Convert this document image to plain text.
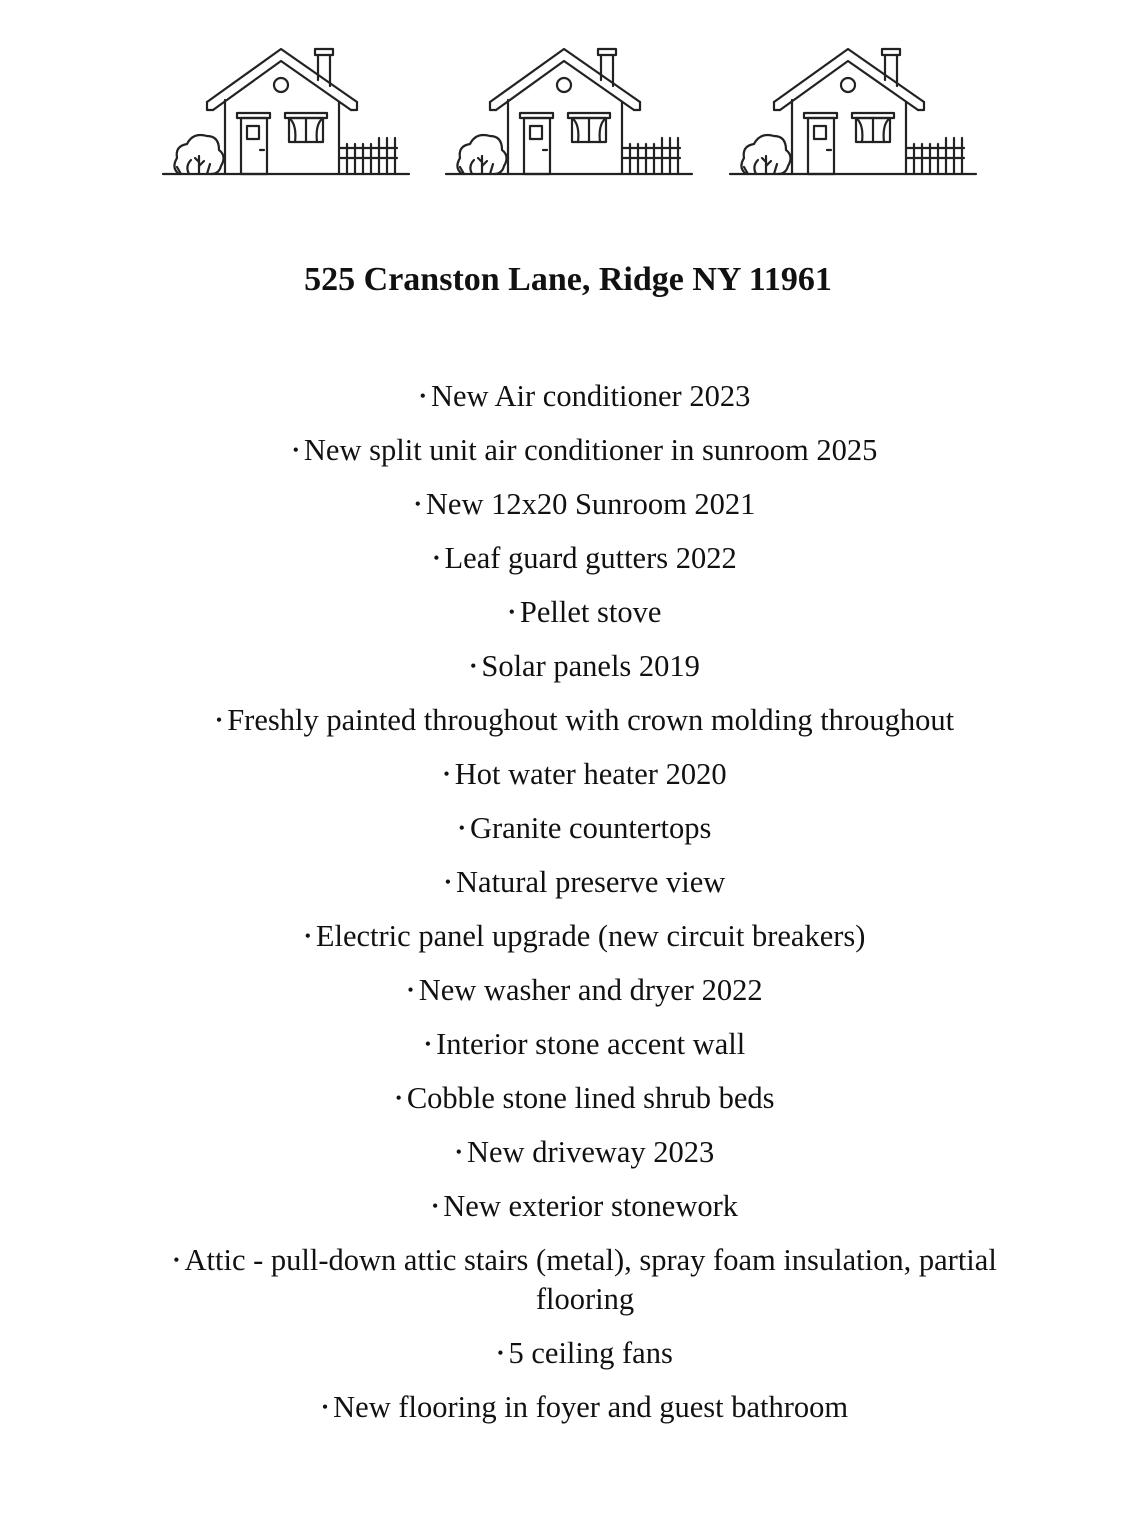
525 Cranston Lane, Ridge NY 11961
• New Air conditioner 2023
• New split unit air conditioner in sunroom 2025
• New 12x20 Sunroom 2021
• Leaf guard gutters 2022
• Pellet stove
• Solar panels 2019
• Freshly painted throughout with crown molding throughout
• Hot water heater 2020
• Granite countertops
• Natural preserve view
• Electric panel upgrade (new circuit breakers)
• New washer and dryer 2022
• Interior stone accent wall
• Cobble stone lined shrub beds
• New driveway 2023
• New exterior stonework
• Attic - pull-down attic stairs (metal), spray foam insulation, partial flooring
• 5 ceiling fans
• New flooring in foyer and guest bathroom
